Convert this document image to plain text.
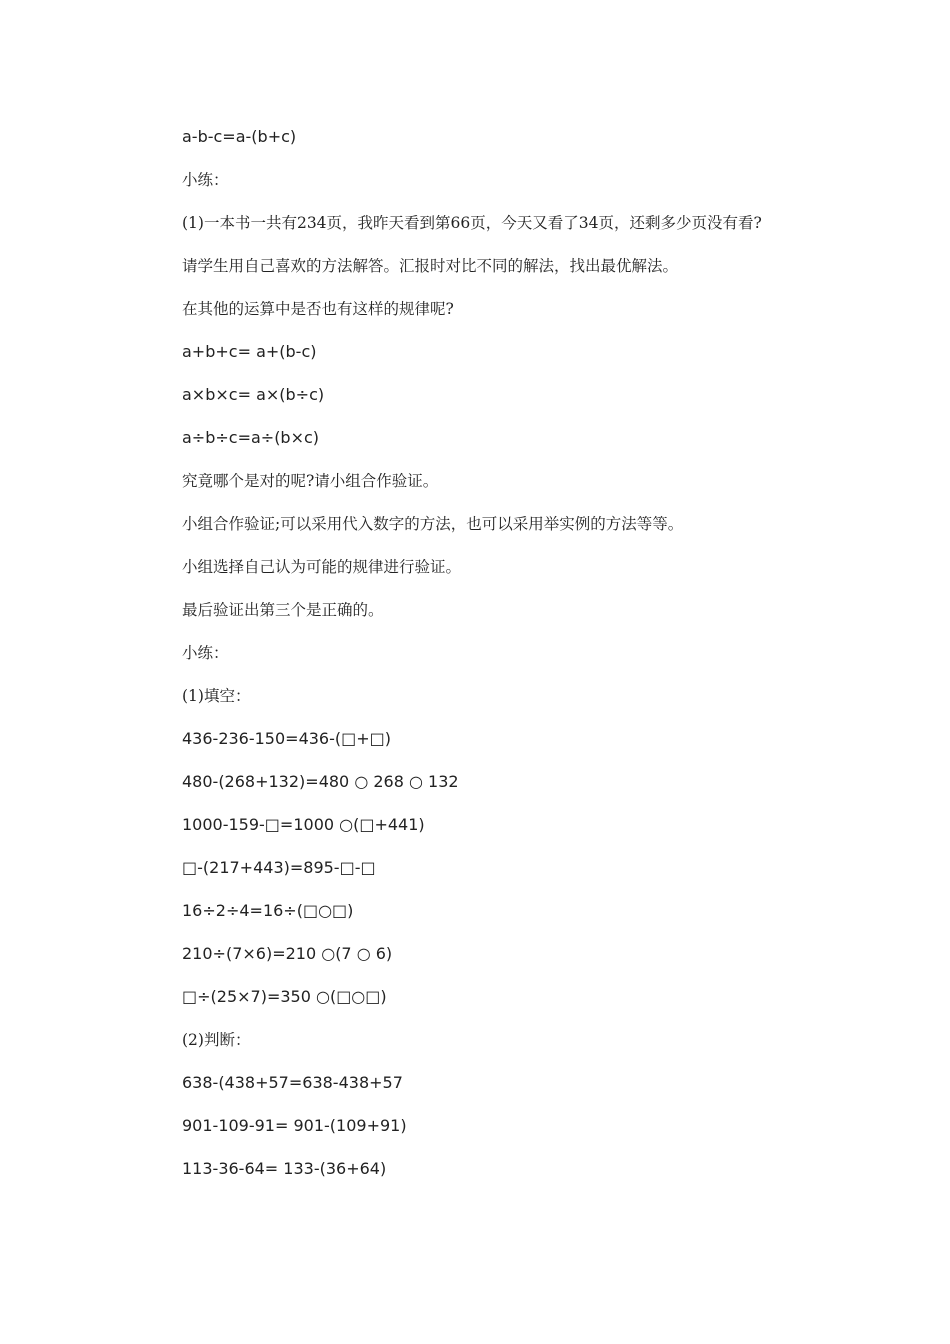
a-b-c=a-(b+c)
小练：
(1)一本书一共有234页，我昨天看到第66页，今天又看了34页，还剩多少页没有看?
请学生用自己喜欢的方法解答。汇报时对比不同的解法，找出最优解法。
在其他的运算中是否也有这样的规律呢?
a+b+c= a+(b-c)
a×b×c= a×(b÷c)
a÷b÷c=a÷(b×c)
究竟哪个是对的呢?请小组合作验证。
小组合作验证;可以采用代入数字的方法，也可以采用举实例的方法等等。
小组选择自己认为可能的规律进行验证。
最后验证出第三个是正确的。
小练：
(1)填空：
436-236-150=436-(□+□)
480-(268+132)=480 ○ 268 ○ 132
1000-159-□=1000 ○(□+441)
□-(217+443)=895-□-□
16÷2÷4=16÷(□○□)
210÷(7×6)=210 ○(7 ○ 6)
□÷(25×7)=350 ○(□○□)
(2)判断：
638-(438+57=638-438+57
901-109-91= 901-(109+91)
113-36-64= 133-(36+64)
